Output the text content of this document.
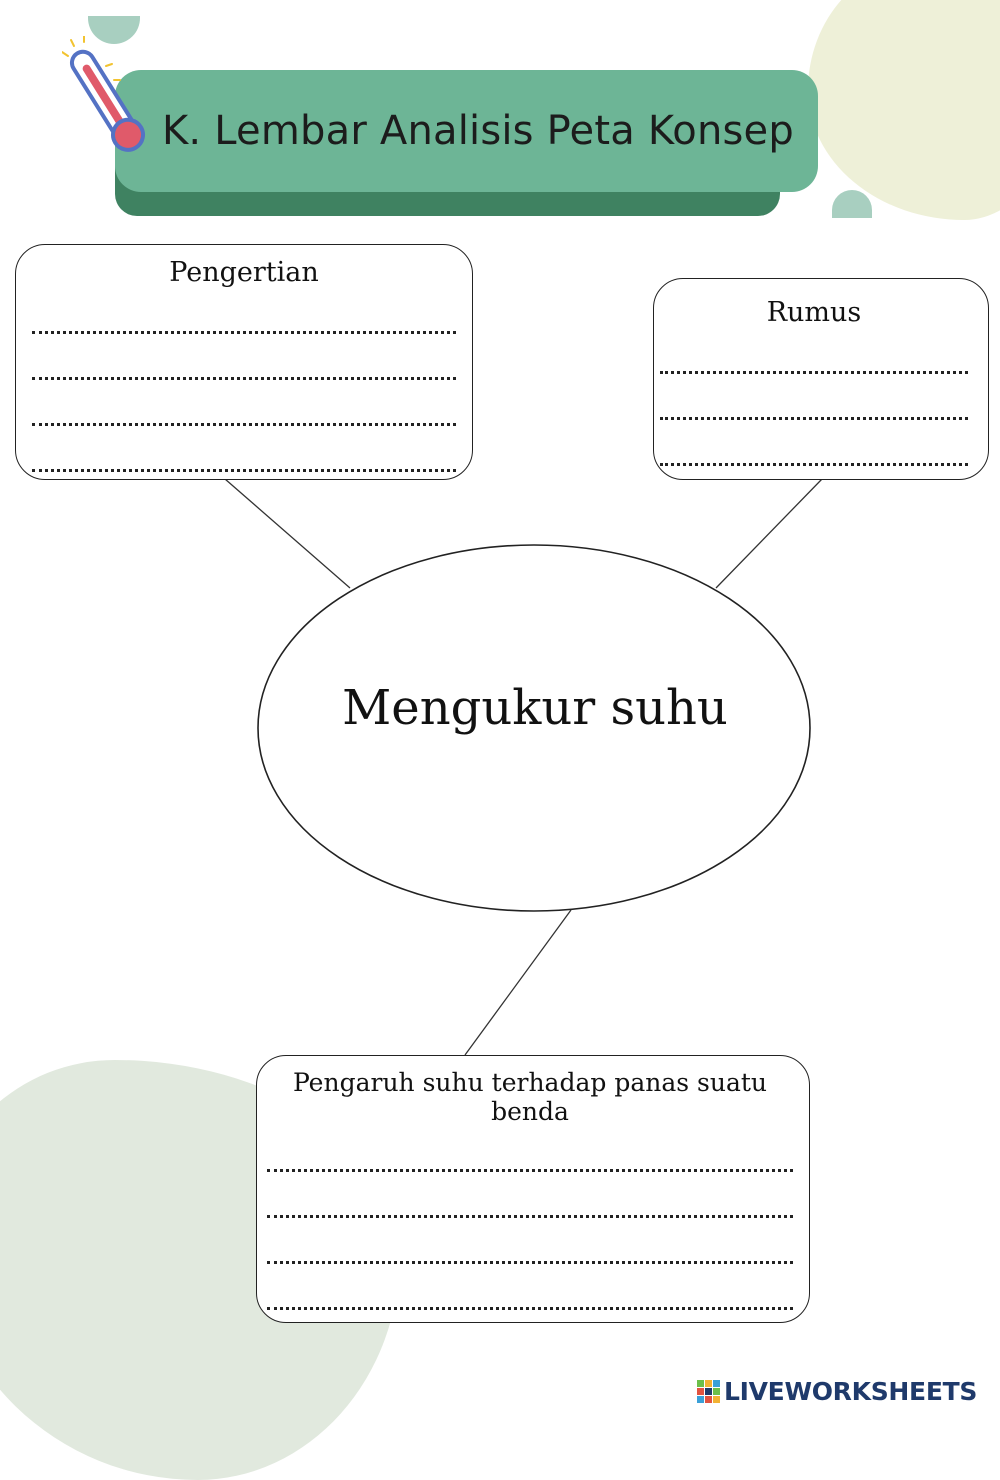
K. Lembar Analisis Peta Konsep
Mengukur suhu
Pengertian
Rumus
Pengaruh suhu terhadap panas suatu benda
LIVEWORKSHEETS
